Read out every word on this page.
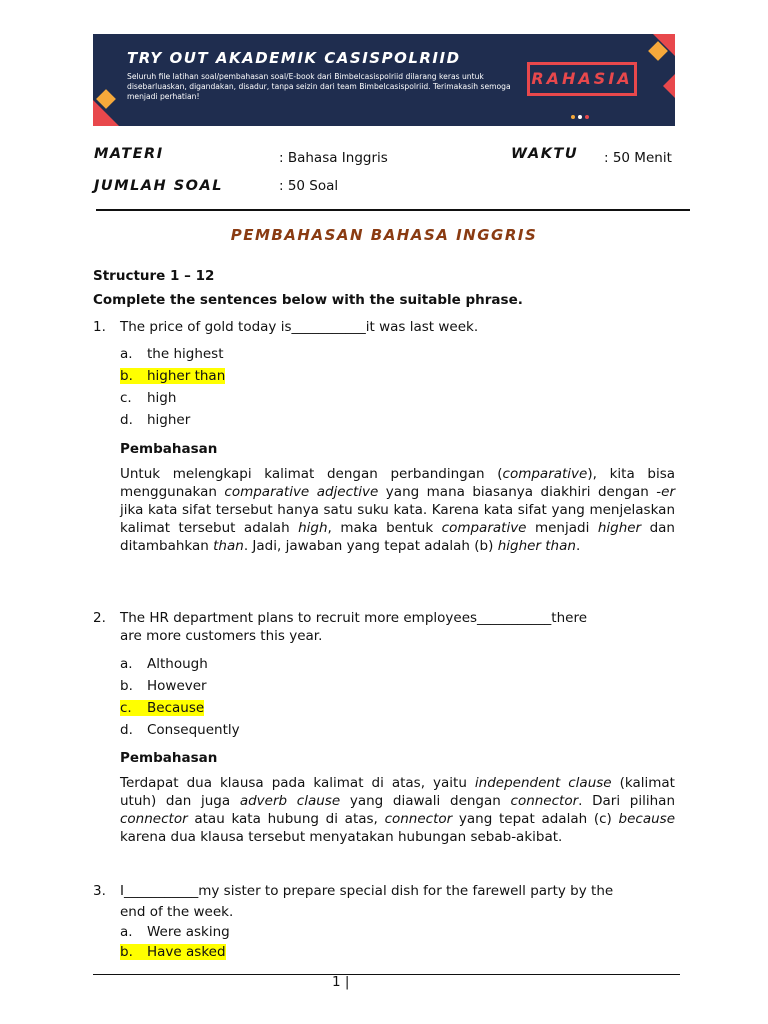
TRY OUT AKADEMIK CASISPOLRIID
Seluruh file latihan soal/pembahasan soal/E-book dari Bimbelcasispolriid dilarang keras untuk disebarluaskan, digandakan, disadur, tanpa seizin dari team Bimbelcasispolriid. Terimakasih semoga menjadi perhatian!
RAHASIA
MATERI	: Bahasa Inggris	WAKTU : 50 Menit
JUMLAH SOAL	: 50 Soal
PEMBAHASAN BAHASA INGGRIS
Structure 1 – 12
Complete the sentences below with the suitable phrase.
1. The price of gold today is___________it was last week.
a. the highest
b. higher than
c. high
d. higher
Pembahasan
Untuk melengkapi kalimat dengan perbandingan (comparative), kita bisa menggunakan comparative adjective yang mana biasanya diakhiri dengan -er jika kata sifat tersebut hanya satu suku kata. Karena kata sifat yang menjelaskan kalimat tersebut adalah high, maka bentuk comparative menjadi higher dan ditambahkan than. Jadi, jawaban yang tepat adalah (b) higher than.
2. The HR department plans to recruit more employees___________there
are more customers this year.
a. Although
b. However
c. Because
d. Consequently
Pembahasan
Terdapat dua klausa pada kalimat di atas, yaitu independent clause (kalimat utuh) dan juga adverb clause yang diawali dengan connector. Dari pilihan connector atau kata hubung di atas, connector yang tepat adalah (c) because karena dua klausa tersebut menyatakan hubungan sebab-akibat.
3. I___________my sister to prepare special dish for the farewell party by the
end of the week.
a. Were asking
b. Have asked
1 |
